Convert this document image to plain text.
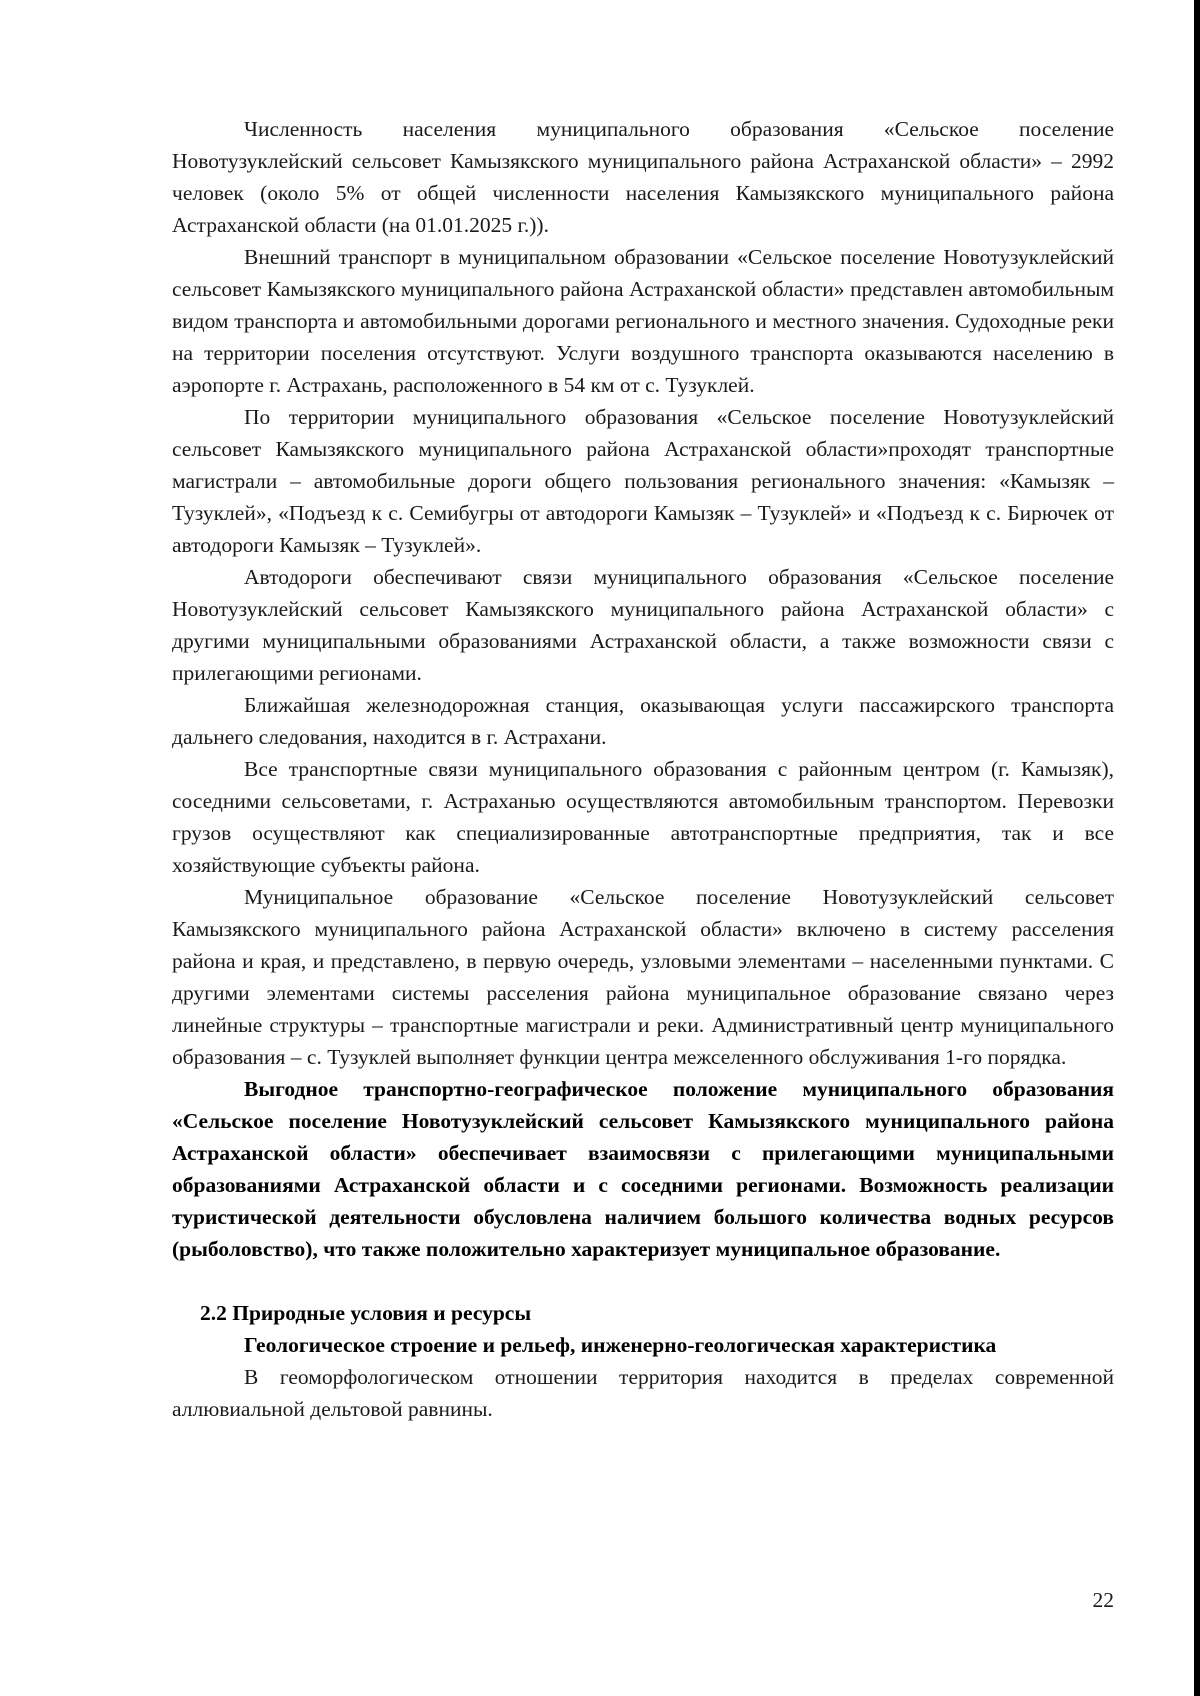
Численность населения муниципального образования «Сельское поселение Новотузуклейский сельсовет Камызякского муниципального района Астраханской области» – 2992 человек (около 5% от общей численности населения Камызякского муниципального района Астраханской области (на 01.01.2025 г.)).

Внешний транспорт в муниципальном образовании «Сельское поселение Новотузуклейский сельсовет Камызякского муниципального района Астраханской области» представлен автомобильным видом транспорта и автомобильными дорогами регионального и местного значения. Судоходные реки на территории поселения отсутствуют. Услуги воздушного транспорта оказываются населению в аэропорте г. Астрахань, расположенного в 54 км от с. Тузуклей.

По территории муниципального образования «Сельское поселение Новотузуклейский сельсовет Камызякского муниципального района Астраханской области»проходят транспортные магистрали – автомобильные дороги общего пользования регионального значения: «Камызяк – Тузуклей», «Подъезд к с. Семибугры от автодороги Камызяк – Тузуклей» и «Подъезд к с. Бирючек от автодороги Камызяк – Тузуклей».

Автодороги обеспечивают связи муниципального образования «Сельское поселение Новотузуклейский сельсовет Камызякского муниципального района Астраханской области» с другими муниципальными образованиями Астраханской области, а также возможности связи с прилегающими регионами.

Ближайшая железнодорожная станция, оказывающая услуги пассажирского транспорта дальнего следования, находится в г. Астрахани.

Все транспортные связи муниципального образования с районным центром (г. Камызяк), соседними сельсоветами, г. Астраханью осуществляются автомобильным транспортом. Перевозки грузов осуществляют как специализированные автотранспортные предприятия, так и все хозяйствующие субъекты района.

Муниципальное образование «Сельское поселение Новотузуклейский сельсовет Камызякского муниципального района Астраханской области» включено в систему расселения района и края, и представлено, в первую очередь, узловыми элементами – населенными пунктами. С другими элементами системы расселения района муниципальное образование связано через линейные структуры – транспортные магистрали и реки. Административный центр муниципального образования – с. Тузуклей выполняет функции центра межселенного обслуживания 1-го порядка.

Выгодное транспортно-географическое положение муниципального образования «Сельское поселение Новотузуклейский сельсовет Камызякского муниципального района Астраханской области» обеспечивает взаимосвязи с прилегающими муниципальными образованиями Астраханской области и с соседними регионами. Возможность реализации туристической деятельности обусловлена наличием большого количества водных ресурсов (рыболовство), что также положительно характеризует муниципальное образование.

2.2 Природные условия и ресурсы

Геологическое строение и рельеф, инженерно-геологическая характеристика

В геоморфологическом отношении территория находится в пределах современной аллювиальной дельтовой равнины.

22
